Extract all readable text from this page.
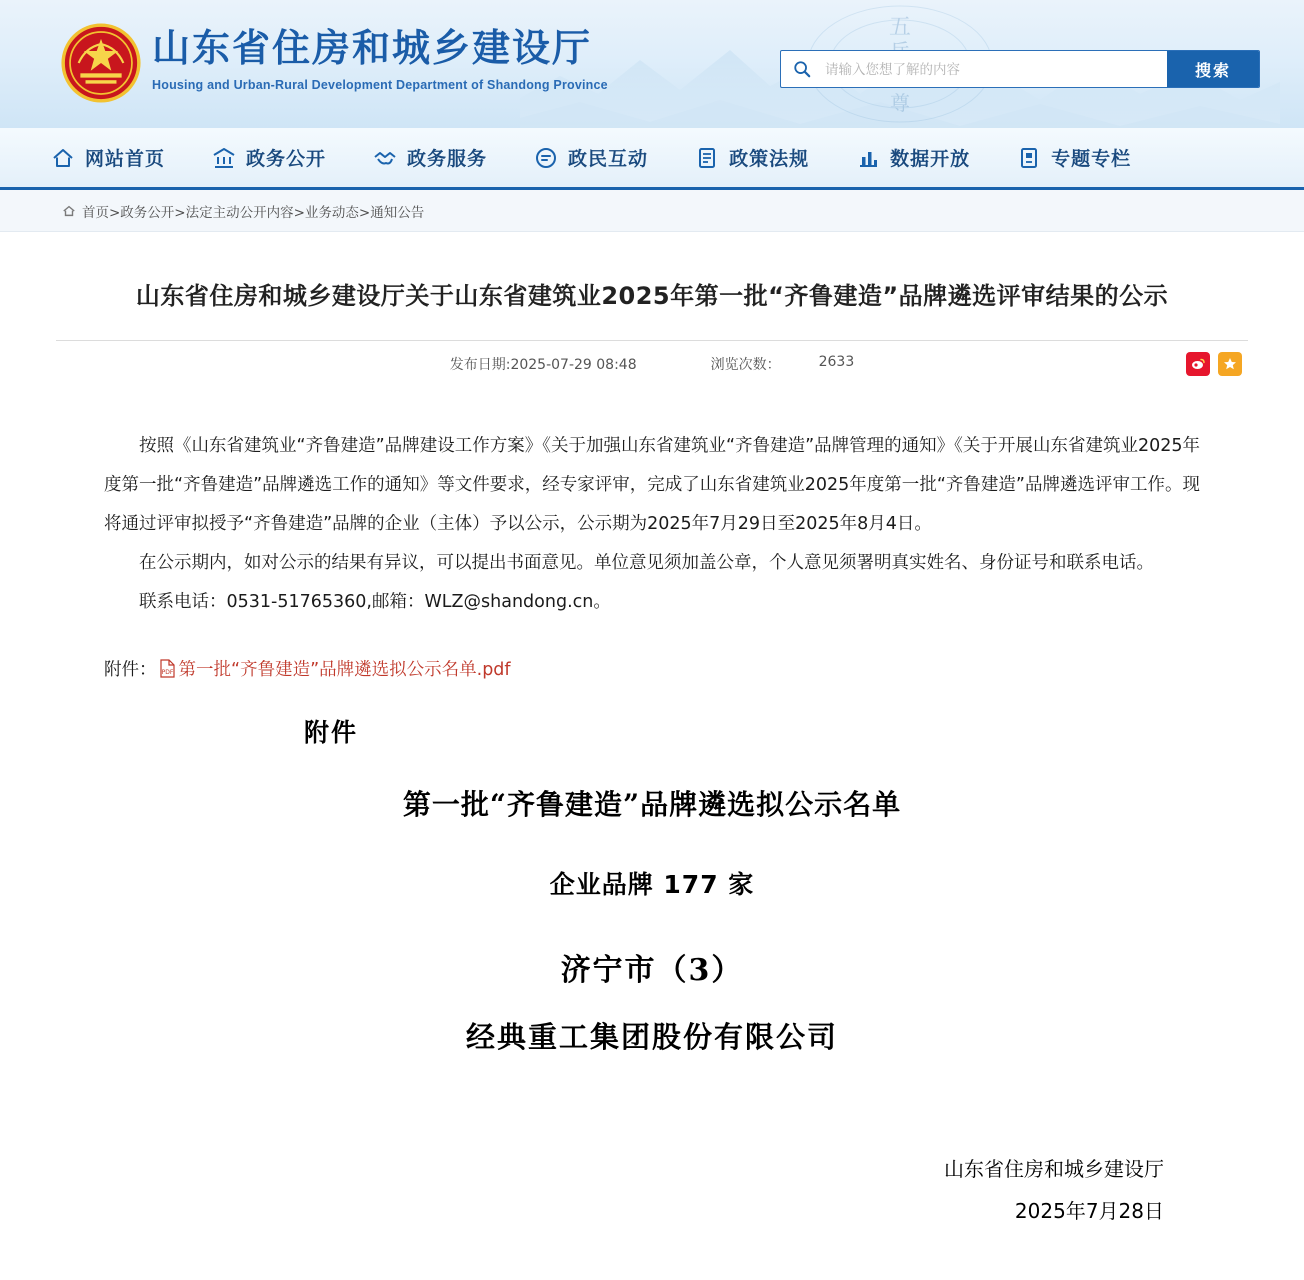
五
尊
山东省住房和城乡建设厅
Housing and Urban-Rural Development Department of Shandong Province
请输入您想了解的内容
搜索
网站首页	政务公开	政务服务	政民互动	政策法规	数据开放	专题专栏
首页>政务公开>法定主动公开内容>业务动态>通知公告
山东省住房和城乡建设厅关于山东省建筑业2025年第一批“齐鲁建造”品牌遴选评审结果的公示
发布日期:2025-07-29 08:48	浏览次数：	2633

按照《山东省建筑业“齐鲁建造”品牌建设工作方案》《关于加强山东省建筑业“齐鲁建造”品牌管理的通知》《关于开展山东省建筑业2025年度第一批“齐鲁建造”品牌遴选工作的通知》等文件要求，经专家评审，完成了山东省建筑业2025年度第一批“齐鲁建造”品牌遴选评审工作。现将通过评审拟授予“齐鲁建造”品牌的企业（主体）予以公示，公示期为2025年7月29日至2025年8月4日。

在公示期内，如对公示的结果有异议，可以提出书面意见。单位意见须加盖公章，个人意见须署明真实姓名、身份证号和联系电话。

联系电话：0531-51765360,邮箱：WLZ@shandong.cn。

附件： PDF 第一批“齐鲁建造”品牌遴选拟公示名单.pdf
附件
第一批“齐鲁建造”品牌遴选拟公示名单
企业品牌 177 家
济宁市（3）
经典重工集团股份有限公司
山东省住房和城乡建设厅
2025年7月28日
